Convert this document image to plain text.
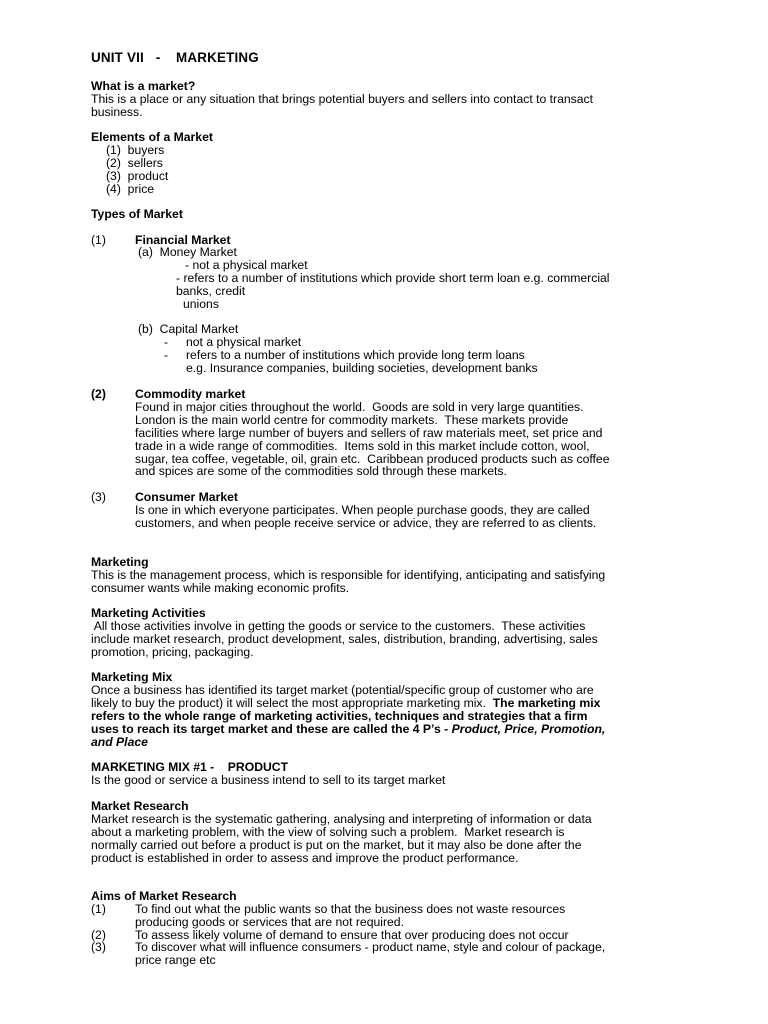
UNIT VII   -    MARKETING
What is a market?
This is a place or any situation that brings potential buyers and sellers into contact to transact
business.
Elements of a Market
(1)  buyers
(2)  sellers
(3)  product
(4)  price
Types of Market
(1) Financial Market
(a)  Money Market
- not a physical market
- refers to a number of institutions which provide short term loan e.g. commercial
banks, credit
unions
(b)  Capital Market
- not a physical market
- refers to a number of institutions which provide long term loans
e.g. Insurance companies, building societies, development banks
(2) Commodity market
Found in major cities throughout the world.  Goods are sold in very large quantities.
London is the main world centre for commodity markets.  These markets provide
facilities where large number of buyers and sellers of raw materials meet, set price and
trade in a wide range of commodities.  Items sold in this market include cotton, wool,
sugar, tea coffee, vegetable, oil, grain etc.  Caribbean produced products such as coffee
and spices are some of the commodities sold through these markets.
(3) Consumer Market
Is one in which everyone participates. When people purchase goods, they are called
customers, and when people receive service or advice, they are referred to as clients.
Marketing
This is the management process, which is responsible for identifying, anticipating and satisfying
consumer wants while making economic profits.
Marketing Activities
All those activities involve in getting the goods or service to the customers.  These activities
include market research, product development, sales, distribution, branding, advertising, sales
promotion, pricing, packaging.
Marketing Mix
Once a business has identified its target market (potential/specific group of customer who are
likely to buy the product) it will select the most appropriate marketing mix.  The marketing mix
refers to the whole range of marketing activities, techniques and strategies that a firm
uses to reach its target market and these are called the 4 P’s - Product, Price, Promotion,
and Place
MARKETING MIX #1 -    PRODUCT
Is the good or service a business intend to sell to its target market
Market Research
Market research is the systematic gathering, analysing and interpreting of information or data
about a marketing problem, with the view of solving such a problem.  Market research is
normally carried out before a product is put on the market, but it may also be done after the
product is established in order to assess and improve the product performance.
Aims of Market Research
(1) To find out what the public wants so that the business does not waste resources
producing goods or services that are not required.
(2) To assess likely volume of demand to ensure that over producing does not occur
(3) To discover what will influence consumers - product name, style and colour of package,
price range etc
